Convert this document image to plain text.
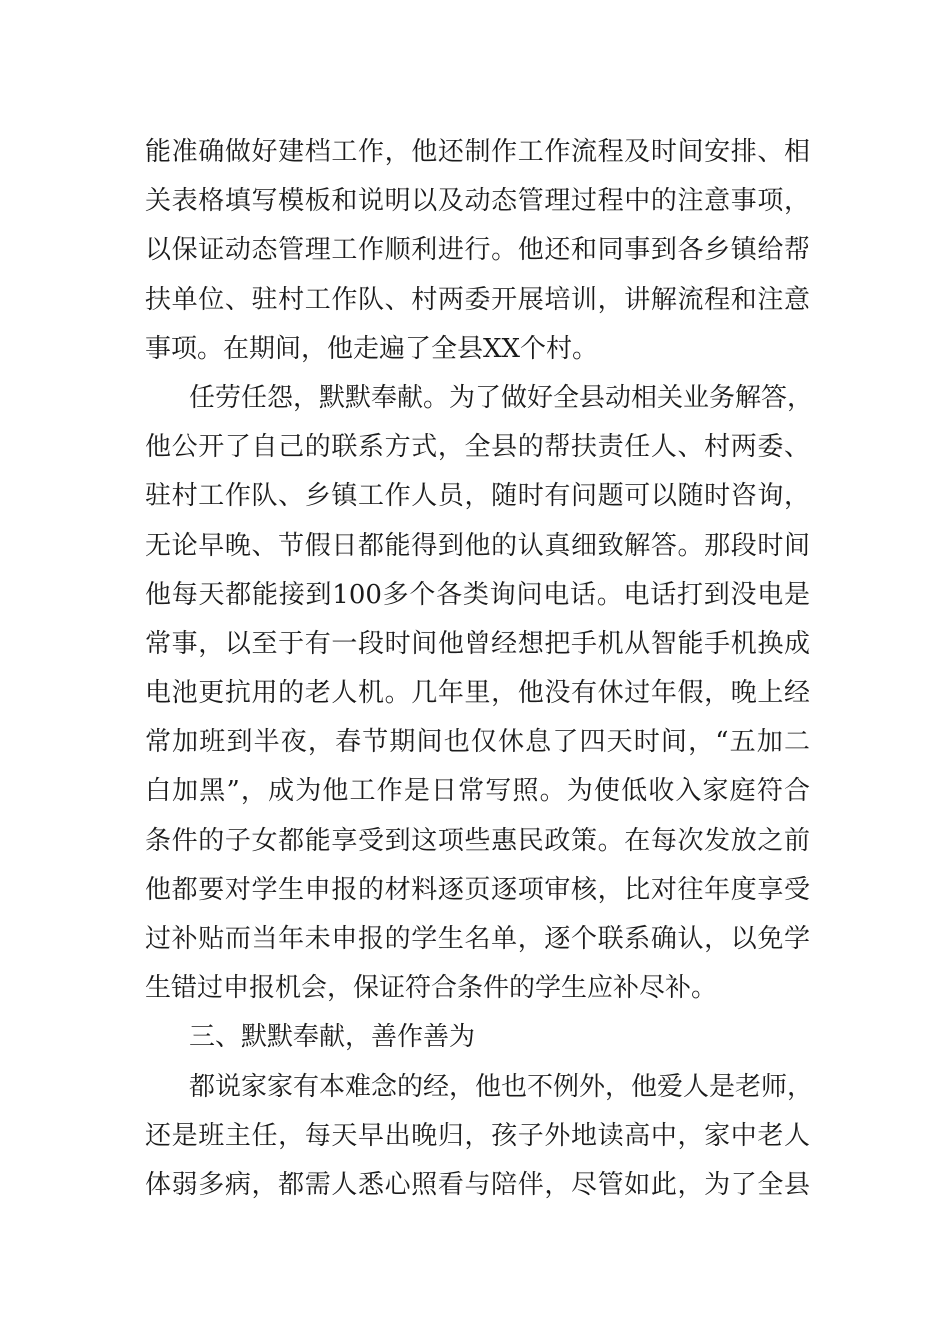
能准确做好建档工作，他还制作工作流程及时间安排、相
关表格填写模板和说明以及动态管理过程中的注意事项，
以保证动态管理工作顺利进行。他还和同事到各乡镇给帮
扶单位、驻村工作队、村两委开展培训，讲解流程和注意
事项。在期间，他走遍了全县XX个村。
任劳任怨，默默奉献。为了做好全县动相关业务解答，
他公开了自己的联系方式，全县的帮扶责任人、村两委、
驻村工作队、乡镇工作人员，随时有问题可以随时咨询，
无论早晚、节假日都能得到他的认真细致解答。那段时间
他每天都能接到100多个各类询问电话。电话打到没电是
常事，以至于有一段时间他曾经想把手机从智能手机换成
电池更抗用的老人机。几年里，他没有休过年假，晚上经
常加班到半夜，春节期间也仅休息了四天时间，“五加二
白加黑”，成为他工作是日常写照。为使低收入家庭符合
条件的子女都能享受到这项些惠民政策。在每次发放之前
他都要对学生申报的材料逐页逐项审核，比对往年度享受
过补贴而当年未申报的学生名单，逐个联系确认，以免学
生错过申报机会，保证符合条件的学生应补尽补。
三、默默奉献，善作善为
都说家家有本难念的经，他也不例外，他爱人是老师，
还是班主任，每天早出晚归，孩子外地读高中，家中老人
体弱多病，都需人悉心照看与陪伴，尽管如此，为了全县
